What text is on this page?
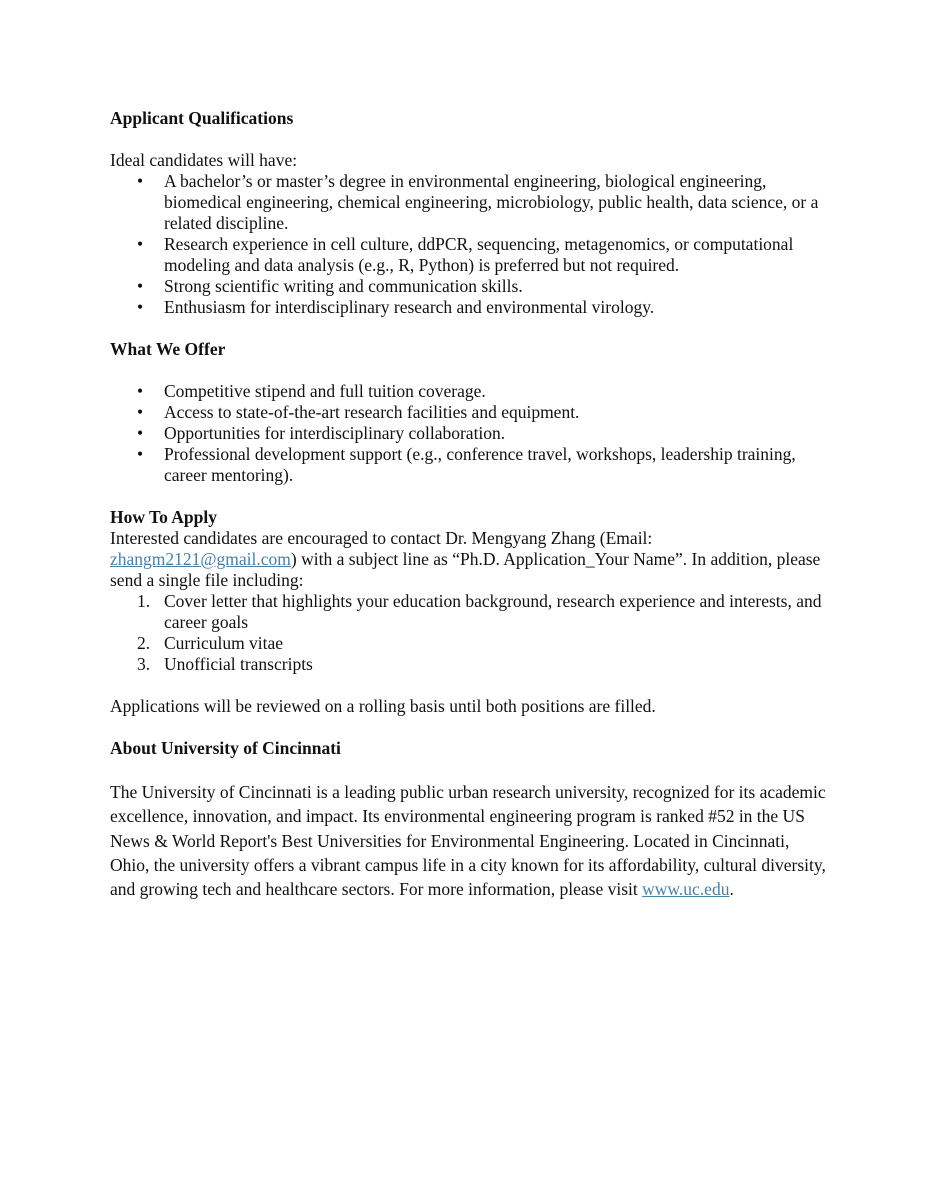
Applicant Qualifications

Ideal candidates will have:

• A bachelor’s or master’s degree in environmental engineering, biological engineering, biomedical engineering, chemical engineering, microbiology, public health, data science, or a related discipline.
• Research experience in cell culture, ddPCR, sequencing, metagenomics, or computational modeling and data analysis (e.g., R, Python) is preferred but not required.
• Strong scientific writing and communication skills.
• Enthusiasm for interdisciplinary research and environmental virology.
What We Offer
• Competitive stipend and full tuition coverage.
• Access to state-of-the-art research facilities and equipment.
• Opportunities for interdisciplinary collaboration.
• Professional development support (e.g., conference travel, workshops, leadership training, career mentoring).
How To Apply

Interested candidates are encouraged to contact Dr. Mengyang Zhang (Email: zhangm2121@gmail.com) with a subject line as “Ph.D. Application_Your Name”. In addition, please send a single file including:

1. Cover letter that highlights your education background, research experience and interests, and career goals
2. Curriculum vitae
3. Unofficial transcripts

Applications will be reviewed on a rolling basis until both positions are filled.

About University of Cincinnati

The University of Cincinnati is a leading public urban research university, recognized for its academic excellence, innovation, and impact. Its environmental engineering program is ranked #52 in the US News & World Report's Best Universities for Environmental Engineering. Located in Cincinnati, Ohio, the university offers a vibrant campus life in a city known for its affordability, cultural diversity, and growing tech and healthcare sectors. For more information, please visit www.uc.edu.
